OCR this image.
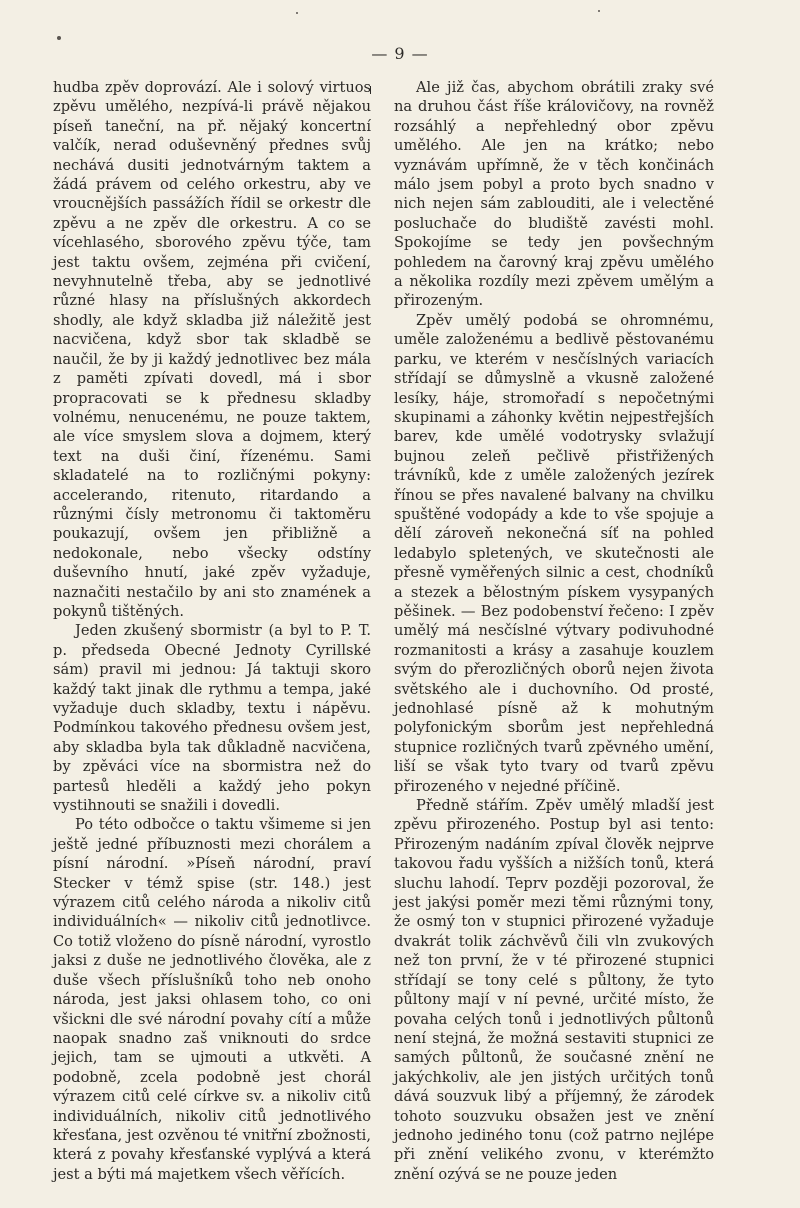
— 9 —

hudba zpěv doprovází. Ale i solový virtuos zpěvu umělého, nezpívá-li právě nějakou píseň taneční, na př. nějaký koncertní valčík, nerad oduševněný přednes svůj nechává dusiti jednotvárným taktem a žádá právem od celého orkestru, aby ve vroucnějších passážích řídil se orkestr dle zpěvu a ne zpěv dle orkestru. A co se vícehlasého, sborového zpěvu týče, tam jest taktu ovšem, zejména při cvičení, nevyhnutelně třeba, aby se jednotlivé různé hlasy na příslušných akkordech shodly, ale když skladba již náležitě jest nacvičena, když sbor tak skladbě se naučil, že by ji každý jednotlivec bez mála z paměti zpívati dovedl, má i sbor propracovati se k přednesu skladby volnému, nenucenému, ne pouze taktem, ale více smyslem slova a dojmem, který text na duši činí, řízenému. Sami skladatelé na to rozličnými pokyny: accelerando, ritenuto, ritardando a různými čísly metronomu či taktoměru poukazují, ovšem jen přibližně a nedokonale, nebo všecky odstíny duševního hnutí, jaké zpěv vyžaduje, naznačiti nestačilo by ani sto znamének a pokynů tištěných.

Jeden zkušený sbormistr (a byl to P. T. p. předseda Obecné Jednoty Cyrillské sám) pravil mi jednou: Já taktuji skoro každý takt jinak dle rythmu a tempa, jaké vyžaduje duch skladby, textu i nápěvu. Podmínkou takového přednesu ovšem jest, aby skladba byla tak důkladně nacvičena, by zpěváci více na sbormistra než do partesů hleděli a každý jeho pokyn vystihnouti se snažili i dovedli.

Po této odbočce o taktu všimeme si jen ještě jedné příbuznosti mezi chorálem a písní národní. »Píseň národní, praví Stecker v témž spise (str. 148.) jest výrazem citů celého národa a nikoliv citů individuálních« — nikoliv citů jednotlivce. Co totiž vloženo do písně národní, vyrostlo jaksi z duše ne jednotlivého člověka, ale z duše všech příslušníků toho neb onoho národa, jest jaksi ohlasem toho, co oni všickni dle své národní povahy cítí a může naopak snadno zaš vniknouti do srdce jejich, tam se ujmouti a utkvěti. A podobně, zcela podobně jest chorál výrazem citů celé církve sv. a nikoliv citů individuálních, nikoliv citů jednotlivého křesťana, jest ozvěnou té vnitřní zbožnosti, která z povahy křesťanské vyplývá a která jest a býti má majetkem všech věřících.

Ale již čas, abychom obrátili zraky své na druhou část říše královičovy, na rovněž rozsáhlý a nepřehledný obor zpěvu umělého. Ale jen na krátko; nebo vyznávám upřímně, že v těch končinách málo jsem pobyl a proto bych snadno v nich nejen sám zablouditi, ale i velectěné posluchače do bludiště zavésti mohl. Spokojíme se tedy jen povšechným pohledem na čarovný kraj zpěvu umělého a několika rozdíly mezi zpěvem umělým a přirozeným.

Zpěv umělý podobá se ohromnému, uměle založenému a bedlivě pěstovanému parku, ve kterém v nesčíslných variacích střídají se důmyslně a vkusně založené lesíky, háje, stromořadí s nepočetnými skupinami a záhonky květin nejpestřejších barev, kde umělé vodotrysky svlažují bujnou zeleň pečlivě přistřižených trávníků, kde z uměle založených jezírek řínou se přes navalené balvany na chvilku spuštěné vodopády a kde to vše spojuje a dělí zároveň nekonečná síť na pohled ledabylo spletených, ve skutečnosti ale přesně vyměřených silnic a cest, chodníků a stezek a bělostným pískem vysypaných pěšinek. — Bez podobenství řečeno: I zpěv umělý má nesčíslné výtvary podivuhodné rozmanitosti a krásy a zasahuje kouzlem svým do přerozličných oborů nejen života světského ale i duchovního. Od prosté, jednohlasé písně až k mohutným polyfonickým sborům jest nepřehledná stupnice rozličných tvarů zpěvného umění, liší se však tyto tvary od tvarů zpěvu přirozeného v nejedné příčině.

Předně stářím. Zpěv umělý mladší jest zpěvu přirozeného. Postup byl asi tento: Přirozeným nadáním zpíval člověk nejprve takovou řadu vyšších a nižších tonů, která sluchu lahodí. Teprv později pozoroval, že jest jakýsi poměr mezi těmi různými tony, že osmý ton v stupnici přirozené vyžaduje dvakrát tolik záchvěvů čili vln zvukových než ton první, že v té přirozené stupnici střídají se tony celé s půltony, že tyto půltony mají v ní pevné, určité místo, že povaha celých tonů i jednotlivých půltonů není stejná, že možná sestaviti stupnici ze samých půltonů, že současné znění ne jakýchkoliv, ale jen jistých určitých tonů dává souzvuk libý a příjemný, že zárodek tohoto souzvuku obsažen jest ve znění jednoho jediného tonu (což patrno nejlépe při znění velikého zvonu, v kterémžto znění ozývá se ne pouze jeden
